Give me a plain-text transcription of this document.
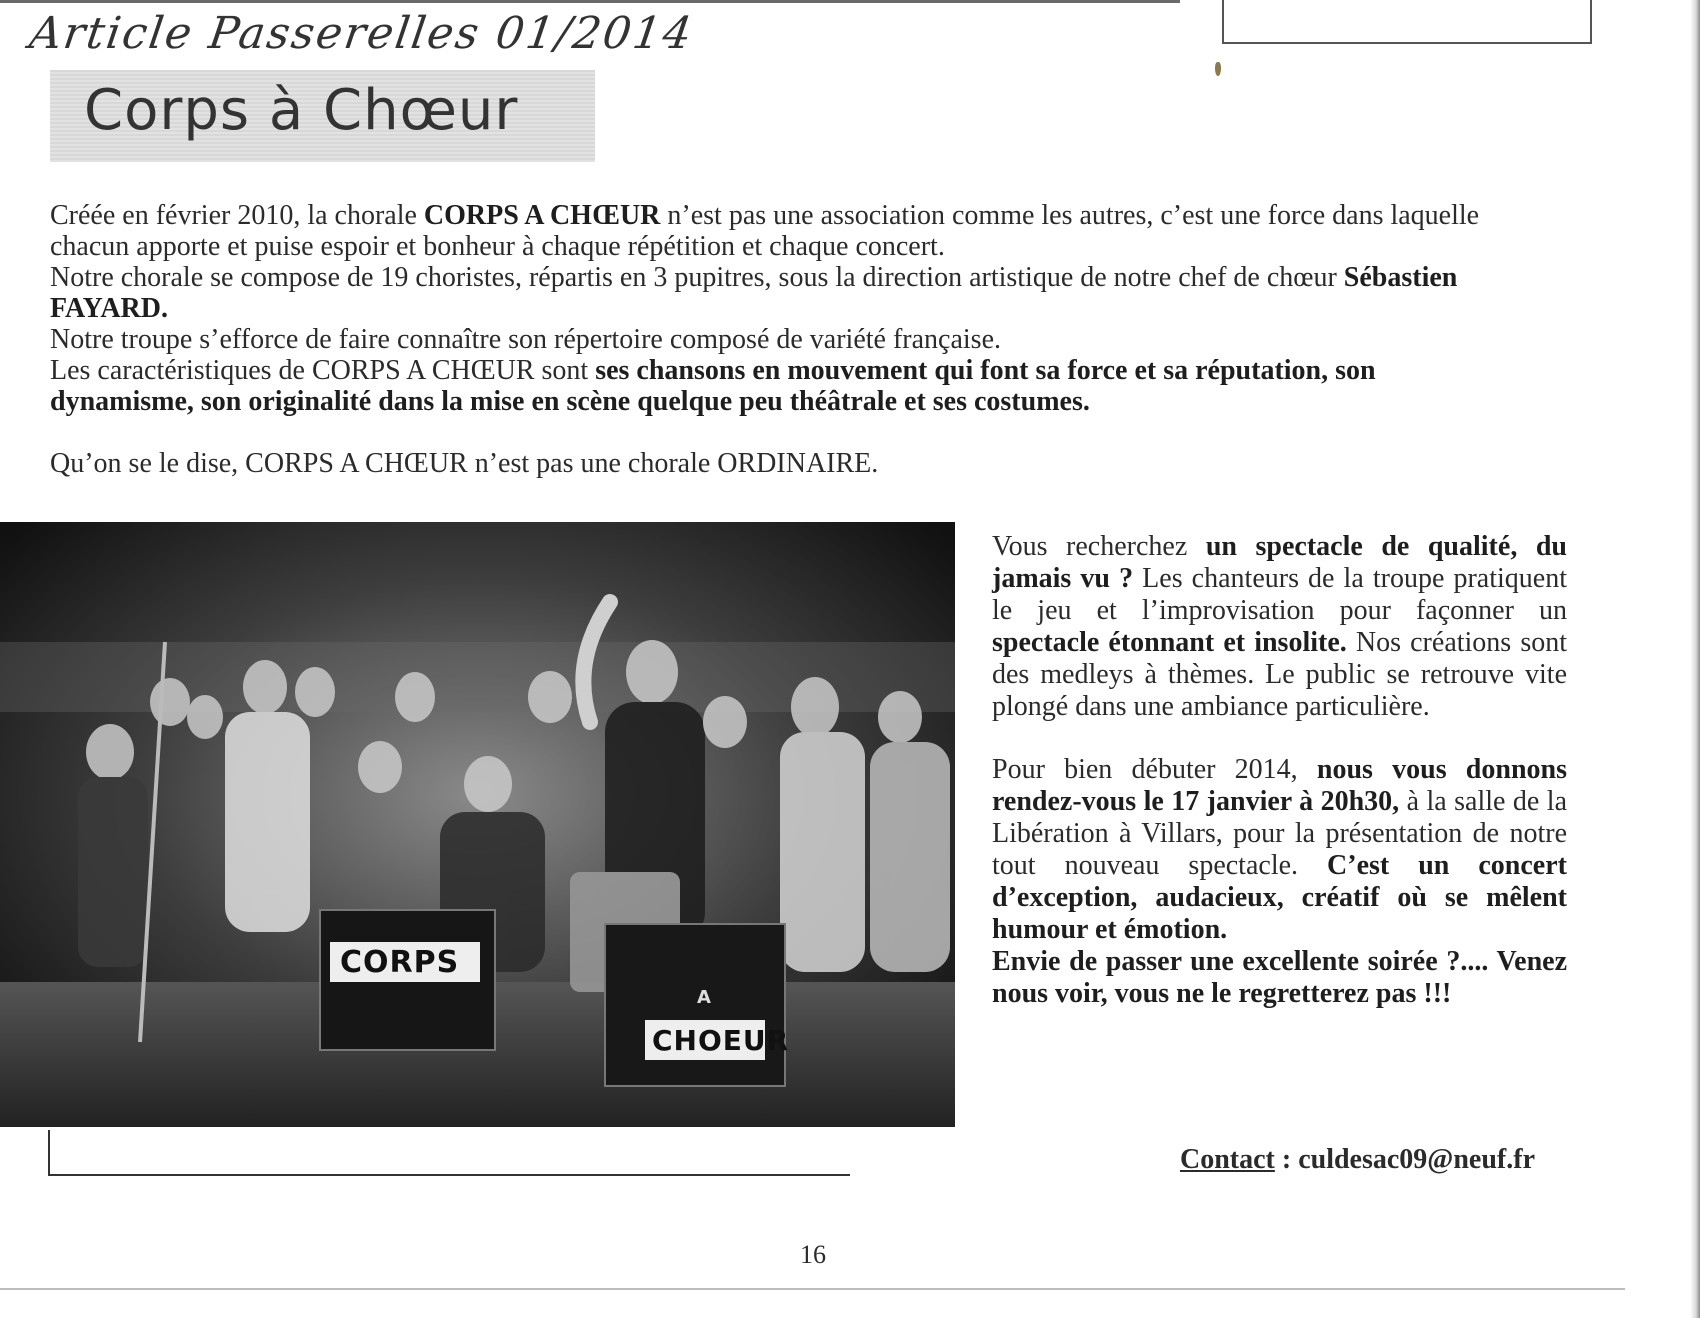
Article Passerelles 01/2014
Corps à Chœur

Créée en février 2010, la chorale CORPS A CHŒUR n’est pas une association comme les autres, c’est une force dans laquelle chacun apporte et puise espoir et bonheur à chaque répétition et chaque concert.

Notre chorale se compose de 19 choristes, répartis en 3 pupitres, sous la direction artistique de notre chef de chœur Sébastien FAYARD.

Notre troupe s’efforce de faire connaître son répertoire composé de variété française.

Les caractéristiques de CORPS A CHŒUR sont ses chansons en mouvement qui font sa force et sa réputation, son dynamisme, son originalité dans la mise en scène quelque peu théâtrale et ses costumes.

Qu’on se le dise, CORPS A CHŒUR n’est pas une chorale ORDINAIRE.

CORPS
A
CHOEUR

Vous recherchez un spectacle de qualité, du jamais vu ? Les chanteurs de la troupe pratiquent le jeu et l’improvisation pour façonner un spectacle étonnant et insolite. Nos créations sont des medleys à thèmes. Le public se retrouve vite plongé dans une ambiance particulière.

Pour bien débuter 2014, nous vous donnons rendez-vous le 17 janvier à 20h30, à la salle de la Libération à Villars, pour la présentation de notre tout nouveau spectacle. C’est un concert d’exception, audacieux, créatif où se mêlent humour et émotion.

Envie de passer une excellente soirée ?.... Venez nous voir, vous ne le regretterez pas !!!

Contact : culdesac09@neuf.fr
16
